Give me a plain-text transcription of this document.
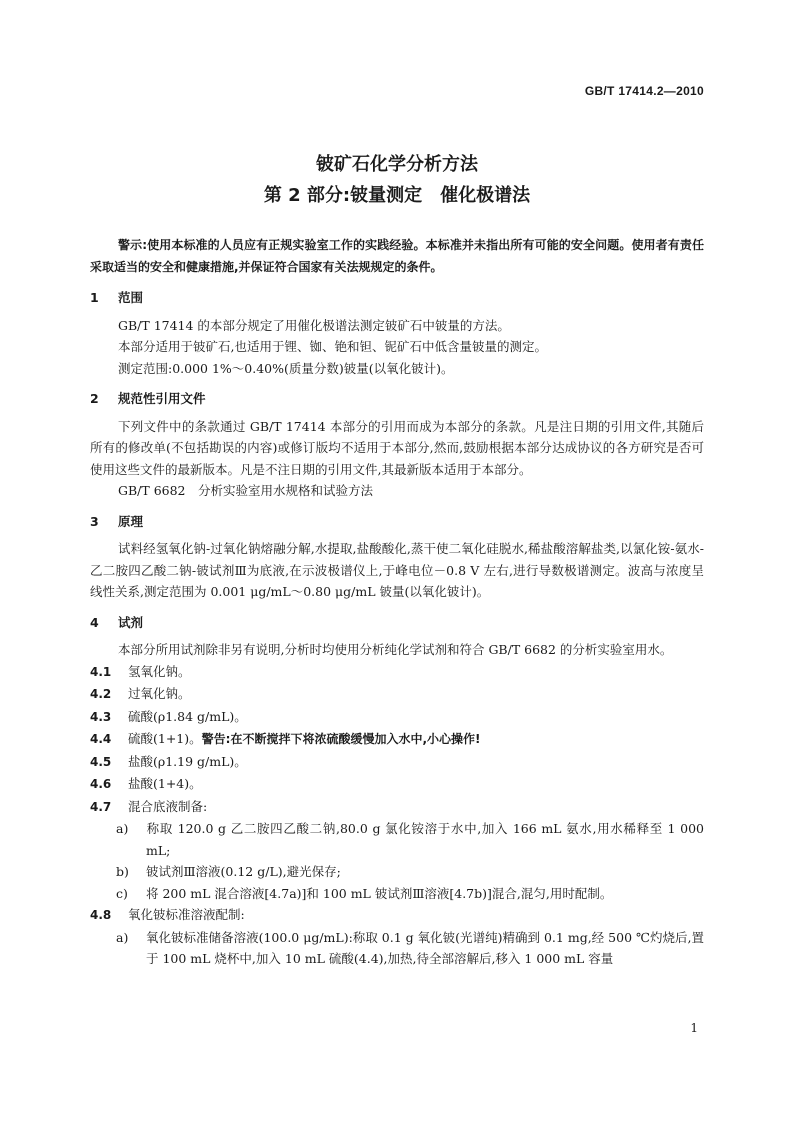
GB/T 17414.2—2010
铍矿石化学分析方法
第 2 部分:铍量测定　催化极谱法

警示:使用本标准的人员应有正规实验室工作的实践经验。本标准并未指出所有可能的安全问题。使用者有责任采取适当的安全和健康措施,并保证符合国家有关法规规定的条件。

1 范围

GB/T 17414 的本部分规定了用催化极谱法测定铍矿石中铍量的方法。

本部分适用于铍矿石,也适用于锂、铷、铯和钽、铌矿石中低含量铍量的测定。

测定范围:0.000 1%～0.40%(质量分数)铍量(以氧化铍计)。

2 规范性引用文件

下列文件中的条款通过 GB/T 17414 本部分的引用而成为本部分的条款。凡是注日期的引用文件,其随后所有的修改单(不包括勘误的内容)或修订版均不适用于本部分,然而,鼓励根据本部分达成协议的各方研究是否可使用这些文件的最新版本。凡是不注日期的引用文件,其最新版本适用于本部分。

GB/T 6682　分析实验室用水规格和试验方法

3 原理

试料经氢氧化钠-过氧化钠熔融分解,水提取,盐酸酸化,蒸干使二氧化硅脱水,稀盐酸溶解盐类,以氯化铵-氨水-乙二胺四乙酸二钠-铍试剂Ⅲ为底液,在示波极谱仪上,于峰电位－0.8 V 左右,进行导数极谱测定。波高与浓度呈线性关系,测定范围为 0.001 μg/mL～0.80 μg/mL 铍量(以氧化铍计)。

4 试剂

本部分所用试剂除非另有说明,分析时均使用分析纯化学试剂和符合 GB/T 6682 的分析实验室用水。

4.1 氢氧化钠。

4.2 过氧化钠。

4.3 硫酸(ρ1.84 g/mL)。

4.4 硫酸(1+1)。警告:在不断搅拌下将浓硫酸缓慢加入水中,小心操作!

4.5 盐酸(ρ1.19 g/mL)。

4.6 盐酸(1+4)。

4.7 混合底液制备:

a) 称取 120.0 g 乙二胺四乙酸二钠,80.0 g 氯化铵溶于水中,加入 166 mL 氨水,用水稀释至 1 000 mL;

b) 铍试剂Ⅲ溶液(0.12 g/L),避光保存;

c) 将 200 mL 混合溶液[4.7a)]和 100 mL 铍试剂Ⅲ溶液[4.7b)]混合,混匀,用时配制。

4.8 氧化铍标准溶液配制:

a) 氧化铍标准储备溶液(100.0 μg/mL):称取 0.1 g 氧化铍(光谱纯)精确到 0.1 mg,经 500 ℃灼烧后,置于 100 mL 烧杯中,加入 10 mL 硫酸(4.4),加热,待全部溶解后,移入 1 000 mL 容量

1
